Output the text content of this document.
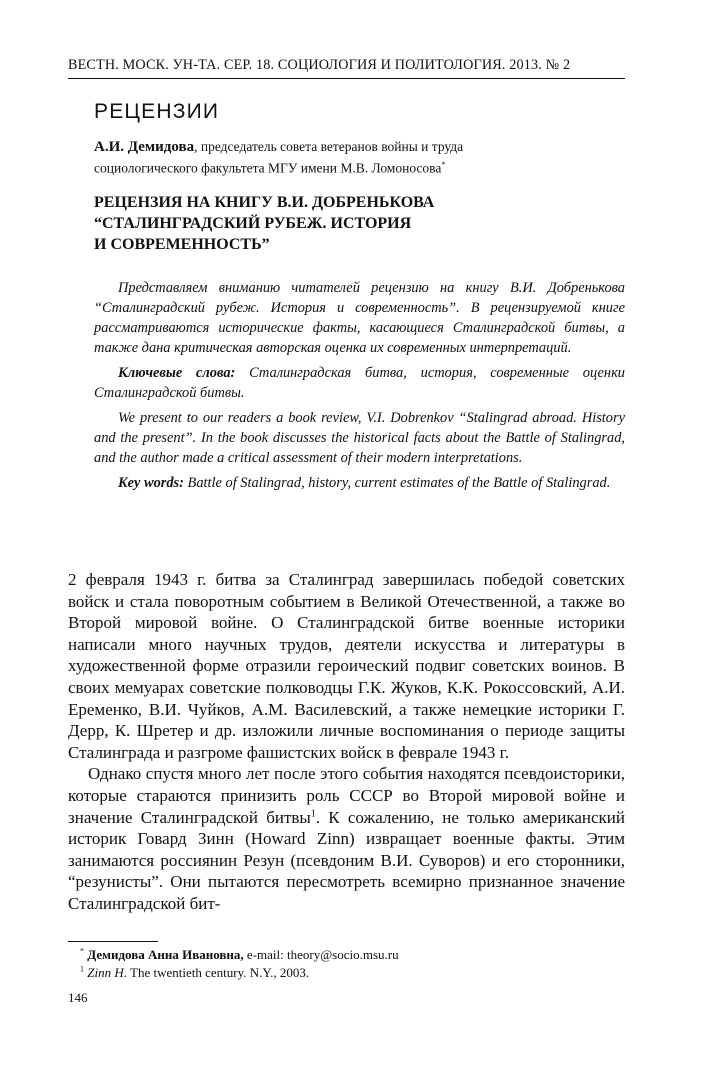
ВЕСТН. МОСК. УН-ТА. СЕР. 18. СОЦИОЛОГИЯ И ПОЛИТОЛОГИЯ. 2013. № 2
РЕЦЕНЗИИ
А.И. Демидова, председатель совета ветеранов войны и труда
социологического факультета МГУ имени М.В. Ломоносова*
РЕЦЕНЗИЯ НА КНИГУ В.И. ДОБРЕНЬКОВА
“СТАЛИНГРАДСКИЙ РУБЕЖ. ИСТОРИЯ
И СОВРЕМЕННОСТЬ”

Представляем вниманию читателей рецензию на книгу В.И. Добренькова “Сталинградский рубеж. История и современность”. В рецензируемой книге рассматриваются исторические факты, касающиеся Сталинградской битвы, а также дана критическая авторская оценка их современных интерпретаций.

Ключевые слова: Сталинградская битва, история, современные оценки Сталинградской битвы.

We present to our readers a book review, V.I. Dobrenkov “Stalingrad abroad. History and the present”. In the book discusses the historical facts about the Battle of Stalingrad, and the author made a critical assessment of their modern interpretations.

Key words: Battle of Stalingrad, history, current estimates of the Battle of Stalingrad.

2 февраля 1943 г. битва за Сталинград завершилась победой советских войск и стала поворотным событием в Великой Отечественной, а также во Второй мировой войне. О Сталинградской битве военные историки написали много научных трудов, деятели искусства и литературы в художественной форме отразили героический подвиг советских воинов. В своих мемуарах советские полководцы Г.К. Жуков, К.К. Рокоссовский, А.И. Еременко, В.И. Чуйков, А.М. Василевский, а также немецкие историки Г. Дерр, К. Шретер и др. изложили личные воспоминания о периоде защиты Сталинграда и разгроме фашистских войск в феврале 1943 г.

Однако спустя много лет после этого события находятся псевдоисторики, которые стараются принизить роль СССР во Второй мировой войне и значение Сталинградской битвы$^1$. К сожалению, не только американский историк Говард Зинн (Howard Zinn) извращает военные факты. Этим занимаются россиянин Резун (псевдоним В.И. Суворов) и его сторонники, “резунисты”. Они пытаются пересмотреть всемирно признанное значение Сталинградской бит-

* Демидова Анна Ивановна, e-mail: theory@socio.msu.ru
$^1$ Zinn H. The twentieth century. N.Y., 2003.
146
